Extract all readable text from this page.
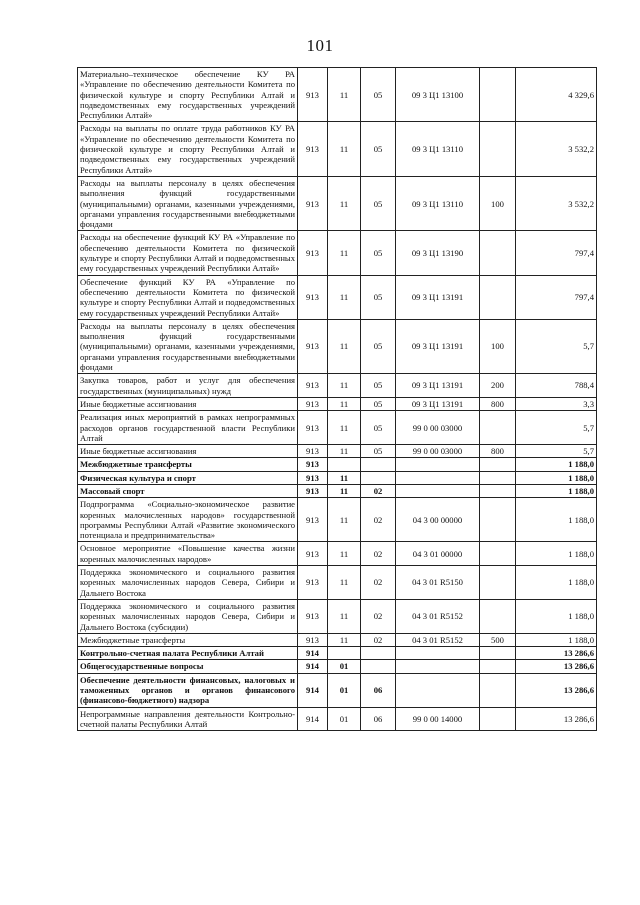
101
Материально–техническое обеспечение КУ РА «Управление по обеспечению деятельности Комитета по физической культуре и спорту Республики Алтай и подведомственных ему государственных учреждений Республики Алтай»	913	11	05	09 3 Ц1 13100		4 329,6
Расходы на выплаты по оплате труда работников КУ РА «Управление по обеспечению деятельности Комитета по физической культуре и спорту Республики Алтай и подведомственных ему государственных учреждений Республики Алтай»	913	11	05	09 3 Ц1 13110		3 532,2
Расходы на выплаты персоналу в целях обеспечения выполнения функций государственными (муниципальными) органами, казенными учреждениями, органами управления государственными внебюджетными фондами	913	11	05	09 3 Ц1 13110	100	3 532,2
Расходы на обеспечение функций КУ РА «Управление по обеспечению деятельности Комитета по физической культуре и спорту Республики Алтай и подведомственных ему государственных учреждений Республики Алтай»	913	11	05	09 3 Ц1 13190		797,4
Обеспечение функций КУ РА «Управление по обеспечению деятельности Комитета по физической культуре и спорту Республики Алтай и подведомственных ему государственных учреждений Республики Алтай»	913	11	05	09 3 Ц1 13191		797,4
Расходы на выплаты персоналу в целях обеспечения выполнения функций государственными (муниципальными) органами, казенными учреждениями, органами управления государственными внебюджетными фондами	913	11	05	09 3 Ц1 13191	100	5,7
Закупка товаров, работ и услуг для обеспечения государственных (муниципальных) нужд	913	11	05	09 3 Ц1 13191	200	788,4
Иные бюджетные ассигнования	913	11	05	09 3 Ц1 13191	800	3,3
Реализация иных мероприятий в рамках непрограммных расходов органов государственной власти Республики Алтай	913	11	05	99 0 00 03000		5,7
Иные бюджетные ассигнования	913	11	05	99 0 00 03000	800	5,7
Межбюджетные трансферты	913					1 188,0
Физическая культура и спорт	913	11				1 188,0
Массовый спорт	913	11	02			1 188,0
Подпрограмма «Социально-экономическое развитие коренных малочисленных народов» государственной программы Республики Алтай «Развитие экономического потенциала и предпринимательства»	913	11	02	04 3 00 00000		1 188,0
Основное мероприятие «Повышение качества жизни коренных малочисленных народов»	913	11	02	04 3 01 00000		1 188,0
Поддержка экономического и социального развития коренных малочисленных народов Севера, Сибири и Дальнего Востока	913	11	02	04 3 01 R5150		1 188,0
Поддержка экономического и социального развития коренных малочисленных народов Севера, Сибири и Дальнего Востока (субсидии)	913	11	02	04 3 01 R5152		1 188,0
Межбюджетные трансферты	913	11	02	04 3 01 R5152	500	1 188,0
Контрольно-счетная палата Республики Алтай	914					13 286,6
Общегосударственные вопросы	914	01				13 286,6
Обеспечение деятельности финансовых, налоговых и таможенных органов и органов финансового (финансово-бюджетного) надзора	914	01	06			13 286,6
Непрограммные направления деятельности Контрольно-счетной палаты Республики Алтай	914	01	06	99 0 00 14000		13 286,6
